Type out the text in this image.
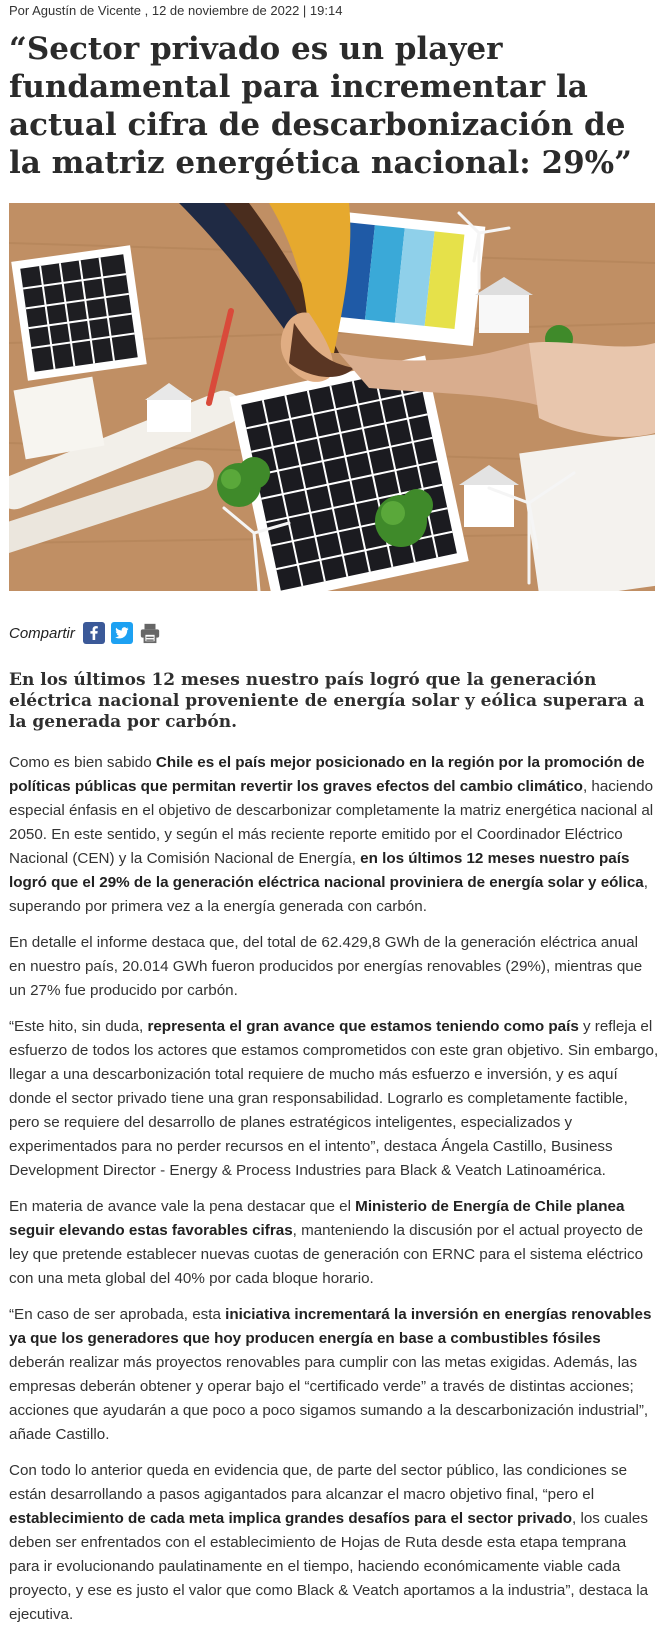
Por Agustín de Vicente , 12 de noviembre de 2022 | 19:14
“Sector privado es un player fundamental para incrementar la actual cifra de descarbonización de la matriz energética nacional: 29%”
Compartir
En los últimos 12 meses nuestro país logró que la generación eléctrica nacional proveniente de energía solar y eólica superara a la generada por carbón.

Como es bien sabido Chile es el país mejor posicionado en la región por la promoción de políticas públicas que permitan revertir los graves efectos del cambio climático, haciendo especial énfasis en el objetivo de descarbonizar completamente la matriz energética nacional al 2050. En este sentido, y según el más reciente reporte emitido por el Coordinador Eléctrico Nacional (CEN) y la Comisión Nacional de Energía, en los últimos 12 meses nuestro país logró que el 29% de la generación eléctrica nacional proviniera de energía solar y eólica, superando por primera vez a la energía generada con carbón.

En detalle el informe destaca que, del total de 62.429,8 GWh de la generación eléctrica anual en nuestro país, 20.014 GWh fueron producidos por energías renovables (29%), mientras que un 27% fue producido por carbón.

“Este hito, sin duda, representa el gran avance que estamos teniendo como país y refleja el esfuerzo de todos los actores que estamos comprometidos con este gran objetivo. Sin embargo, llegar a una descarbonización total requiere de mucho más esfuerzo e inversión, y es aquí donde el sector privado tiene una gran responsabilidad. Lograrlo es completamente factible, pero se requiere del desarrollo de planes estratégicos inteligentes, especializados y experimentados para no perder recursos en el intento”, destaca Ángela Castillo, Business Development Director - Energy & Process Industries para Black & Veatch Latinoamérica.

En materia de avance vale la pena destacar que el Ministerio de Energía de Chile planea seguir elevando estas favorables cifras, manteniendo la discusión por el actual proyecto de ley que pretende establecer nuevas cuotas de generación con ERNC para el sistema eléctrico con una meta global del 40% por cada bloque horario.

“En caso de ser aprobada, esta iniciativa incrementará la inversión en energías renovables ya que los generadores que hoy producen energía en base a combustibles fósiles deberán realizar más proyectos renovables para cumplir con las metas exigidas. Además, las empresas deberán obtener y operar bajo el “certificado verde” a través de distintas acciones; acciones que ayudarán a que poco a poco sigamos sumando a la descarbonización industrial”, añade Castillo.

Con todo lo anterior queda en evidencia que, de parte del sector público, las condiciones se están desarrollando a pasos agigantados para alcanzar el macro objetivo final, “pero el establecimiento de cada meta implica grandes desafíos para el sector privado, los cuales deben ser enfrentados con el establecimiento de Hojas de Ruta desde esta etapa temprana para ir evolucionando paulatinamente en el tiempo, haciendo económicamente viable cada proyecto, y ese es justo el valor que como Black & Veatch aportamos a la industria”, destaca la ejecutiva.
